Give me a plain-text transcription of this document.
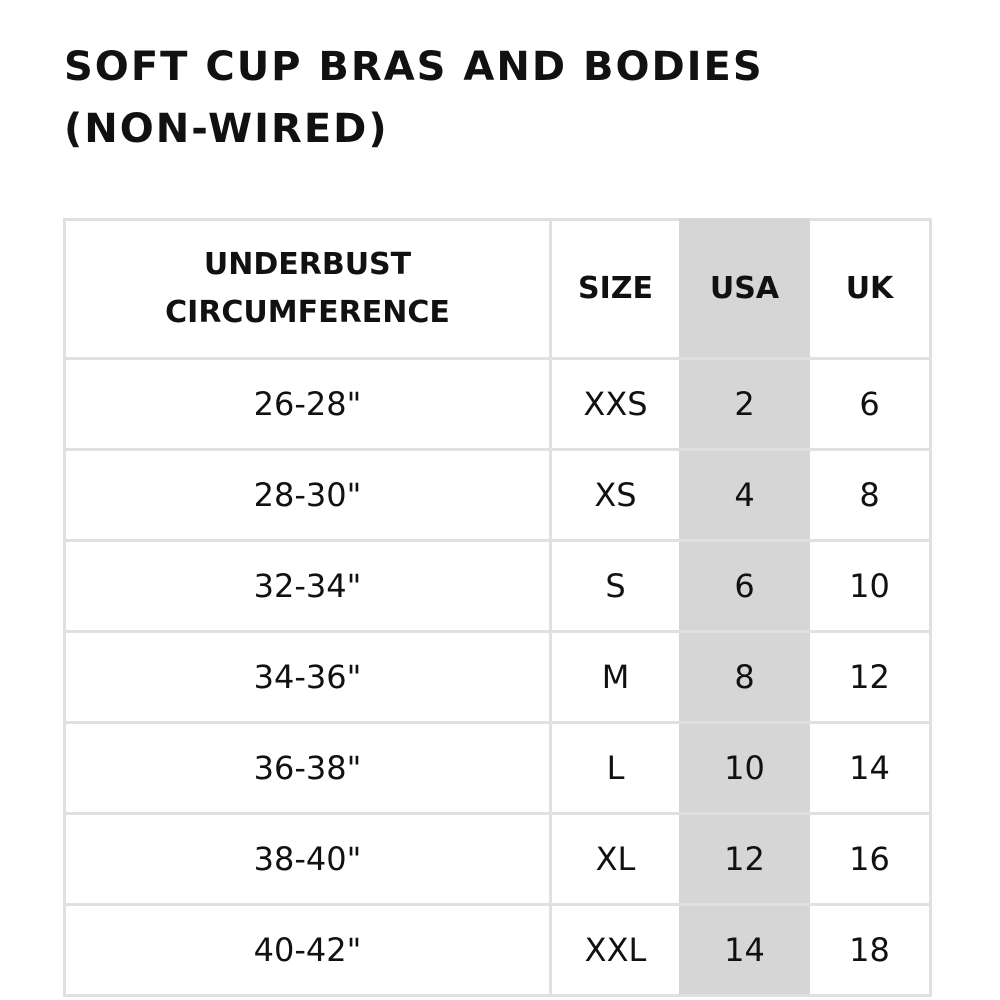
SOFT CUP BRAS AND BODIES
(NON-WIRED)
UNDERBUST
CIRCUMFERENCE	SIZE	USA	UK
26-28"	XXS	2	6
28-30"	XS	4	8
32-34"	S	6	10
34-36"	M	8	12
36-38"	L	10	14
38-40"	XL	12	16
40-42"	XXL	14	18
